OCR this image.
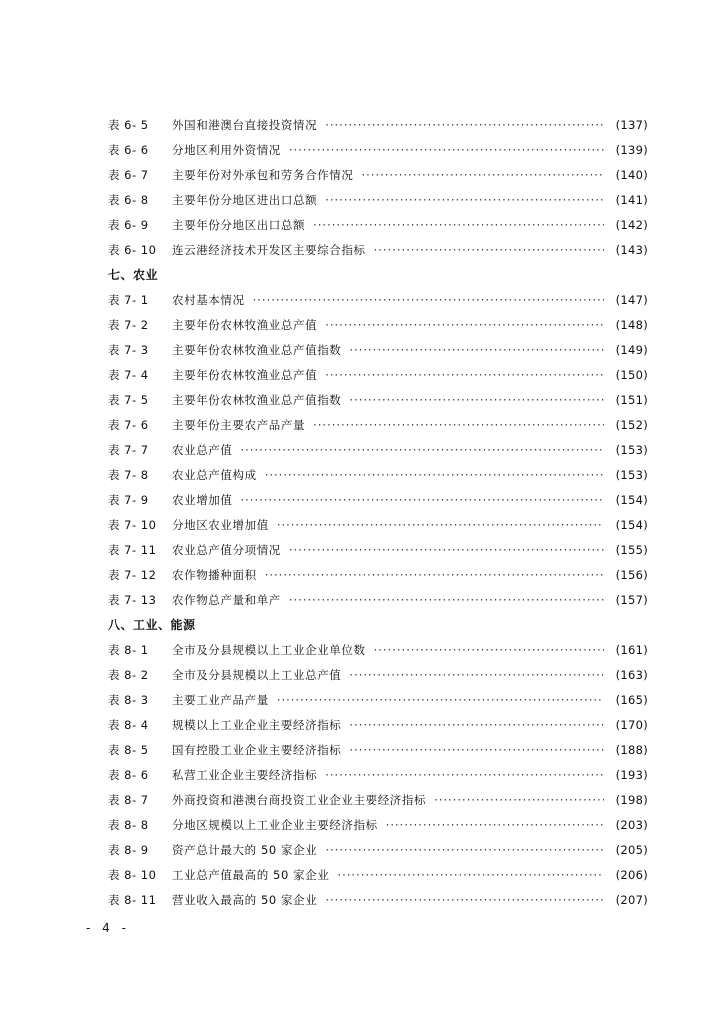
表 6- 5	外国和港澳台直接投资情况 ·····	(137)
表 6- 6	分地区利用外资情况 ·····	(139)
表 6- 7	主要年份对外承包和劳务合作情况 ·····	(140)
表 6- 8	主要年份分地区进出口总额 ·····	(141)
表 6- 9	主要年份分地区出口总额 ·····	(142)
表 6- 10	连云港经济技术开发区主要综合指标 ·····	(143)
七、农业
表 7- 1	农村基本情况 ·····	(147)
表 7- 2	主要年份农林牧渔业总产值 ·····	(148)
表 7- 3	主要年份农林牧渔业总产值指数 ·····	(149)
表 7- 4	主要年份农林牧渔业总产值 ·····	(150)
表 7- 5	主要年份农林牧渔业总产值指数 ·····	(151)
表 7- 6	主要年份主要农产品产量 ·····	(152)
表 7- 7	农业总产值 ·····	(153)
表 7- 8	农业总产值构成 ·····	(153)
表 7- 9	农业增加值 ·····	(154)
表 7- 10	分地区农业增加值 ·····	(154)
表 7- 11	农业总产值分项情况 ·····	(155)
表 7- 12	农作物播种面积 ·····	(156)
表 7- 13	农作物总产量和单产 ·····	(157)
八、工业、能源
表 8- 1	全市及分县规模以上工业企业单位数 ·····	(161)
表 8- 2	全市及分县规模以上工业总产值 ·····	(163)
表 8- 3	主要工业产品产量 ·····	(165)
表 8- 4	规模以上工业企业主要经济指标 ·····	(170)
表 8- 5	国有控股工业企业主要经济指标 ·····	(188)
表 8- 6	私营工业企业主要经济指标 ·····	(193)
表 8- 7	外商投资和港澳台商投资工业企业主要经济指标 ·····	(198)
表 8- 8	分地区规模以上工业企业主要经济指标 ·····	(203)
表 8- 9	资产总计最大的 50 家企业 ·····	(205)
表 8- 10	工业总产值最高的 50 家企业 ·····	(206)
表 8- 11	营业收入最高的 50 家企业 ·····	(207)
- 4 -
